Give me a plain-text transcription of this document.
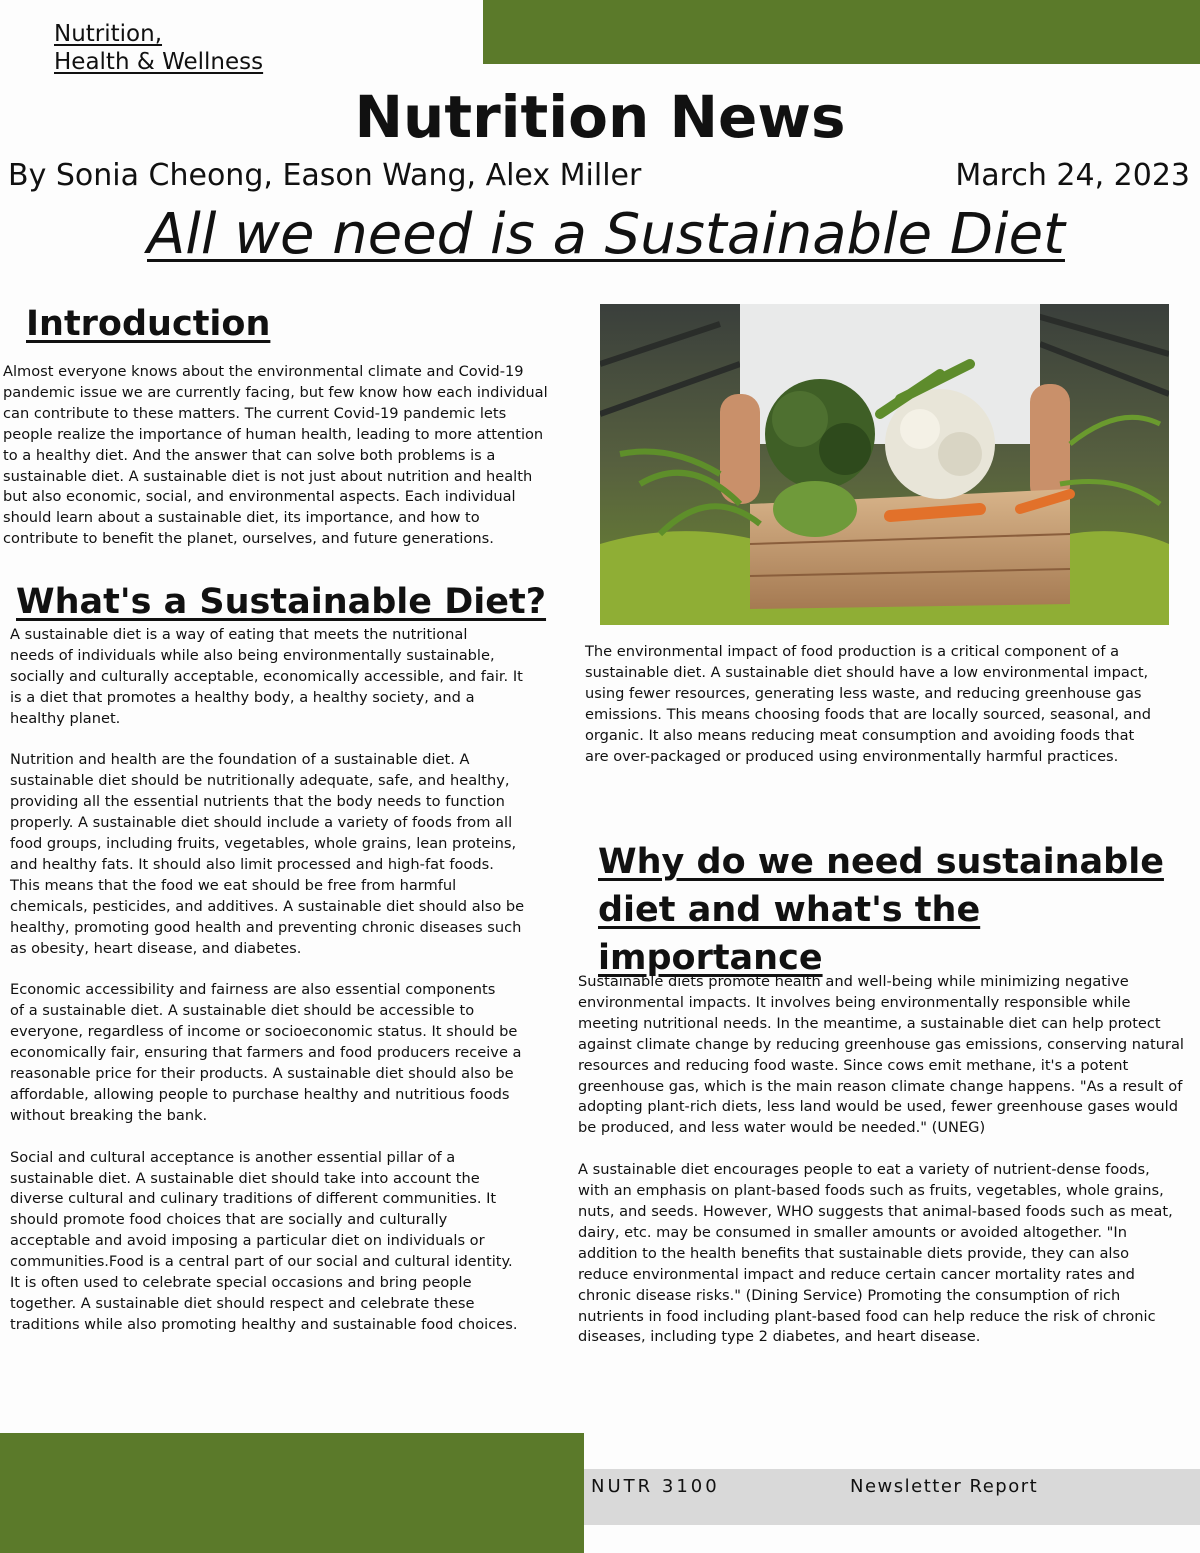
Nutrition,
Health & Wellness
Nutrition News
By Sonia Cheong, Eason Wang, Alex Miller	March 24, 2023
All we need is a Sustainable Diet
Introduction

Almost everyone knows about the environmental climate and Covid-19
pandemic issue we are currently facing, but few know how each individual
can contribute to these matters. The current Covid-19 pandemic lets
people realize the importance of human health, leading to more attention
to a healthy diet. And the answer that can solve both problems is a
sustainable diet. A sustainable diet is not just about nutrition and health
but also economic, social, and environmental aspects. Each individual
should learn about a sustainable diet, its importance, and how to
contribute to benefit the planet, ourselves, and future generations.

What's a Sustainable Diet?

A sustainable diet is a way of eating that meets the nutritional
needs of individuals while also being environmentally sustainable,
socially and culturally acceptable, economically accessible, and fair. It
is a diet that promotes a healthy body, a healthy society, and a
healthy planet.

Nutrition and health are the foundation of a sustainable diet. A
sustainable diet should be nutritionally adequate, safe, and healthy,
providing all the essential nutrients that the body needs to function
properly. A sustainable diet should include a variety of foods from all
food groups, including fruits, vegetables, whole grains, lean proteins,
and healthy fats. It should also limit processed and high-fat foods.
This means that the food we eat should be free from harmful
chemicals, pesticides, and additives. A sustainable diet should also be
healthy, promoting good health and preventing chronic diseases such
as obesity, heart disease, and diabetes.

Economic accessibility and fairness are also essential components
of a sustainable diet. A sustainable diet should be accessible to
everyone, regardless of income or socioeconomic status. It should be
economically fair, ensuring that farmers and food producers receive a
reasonable price for their products. A sustainable diet should also be
affordable, allowing people to purchase healthy and nutritious foods
without breaking the bank.

Social and cultural acceptance is another essential pillar of a
sustainable diet. A sustainable diet should take into account the
diverse cultural and culinary traditions of different communities. It
should promote food choices that are socially and culturally
acceptable and avoid imposing a particular diet on individuals or
communities.Food is a central part of our social and cultural identity.
It is often used to celebrate special occasions and bring people
together. A sustainable diet should respect and celebrate these
traditions while also promoting healthy and sustainable food choices.

The environmental impact of food production is a critical component of a
sustainable diet. A sustainable diet should have a low environmental impact,
using fewer resources, generating less waste, and reducing greenhouse gas
emissions. This means choosing foods that are locally sourced, seasonal, and
organic. It also means reducing meat consumption and avoiding foods that
are over-packaged or produced using environmentally harmful practices.

Why do we need sustainable diet and what's the importance

Sustainable diets promote health and well-being while minimizing negative
environmental impacts. It involves being environmentally responsible while
meeting nutritional needs. In the meantime, a sustainable diet can help protect
against climate change by reducing greenhouse gas emissions, conserving natural
resources and reducing food waste. Since cows emit methane, it's a potent
greenhouse gas, which is the main reason climate change happens. "As a result of
adopting plant-rich diets, less land would be used, fewer greenhouse gases would
be produced, and less water would be needed." (UNEG)

A sustainable diet encourages people to eat a variety of nutrient-dense foods,
with an emphasis on plant-based foods such as fruits, vegetables, whole grains,
nuts, and seeds. However, WHO suggests that animal-based foods such as meat,
dairy, etc. may be consumed in smaller amounts or avoided altogether. "In
addition to the health benefits that sustainable diets provide, they can also
reduce environmental impact and reduce certain cancer mortality rates and
chronic disease risks." (Dining Service) Promoting the consumption of rich
nutrients in food including plant-based food can help reduce the risk of chronic
diseases, including type 2 diabetes, and heart disease.

NUTR 3100	Newsletter Report
